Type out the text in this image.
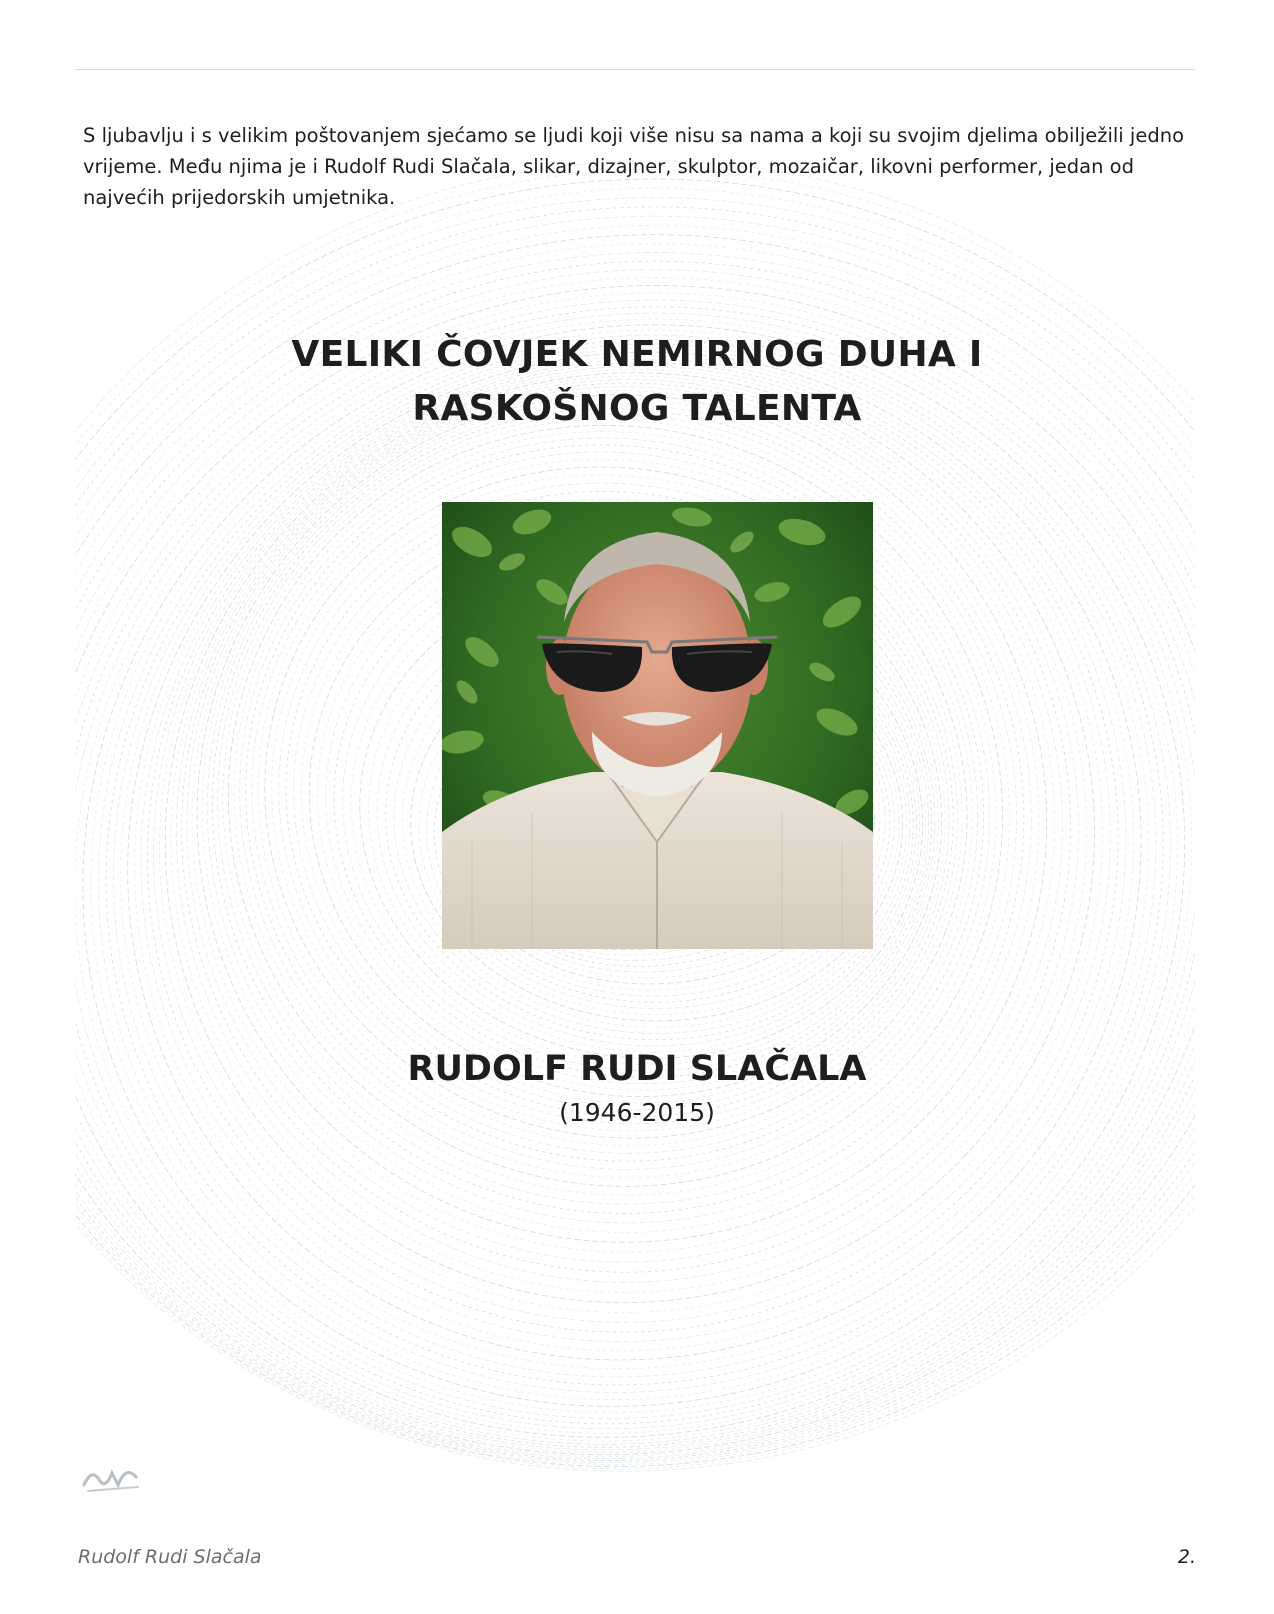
S ljubavlju i s velikim poštovanjem sjećamo se ljudi koji više nisu sa nama a koji su svojim djelima obilježili jedno vrijeme. Među njima je i Rudolf Rudi Slačala, slikar, dizajner, skulptor, mozaičar, likovni performer, jedan od najvećih prijedorskih umjetnika.

VELIKI ČOVJEK NEMIRNOG DUHA I
RASKOŠNOG TALENTA
RUDOLF RUDI SLAČALA
(1946-2015)
Rudolf Rudi Slačala	2.
